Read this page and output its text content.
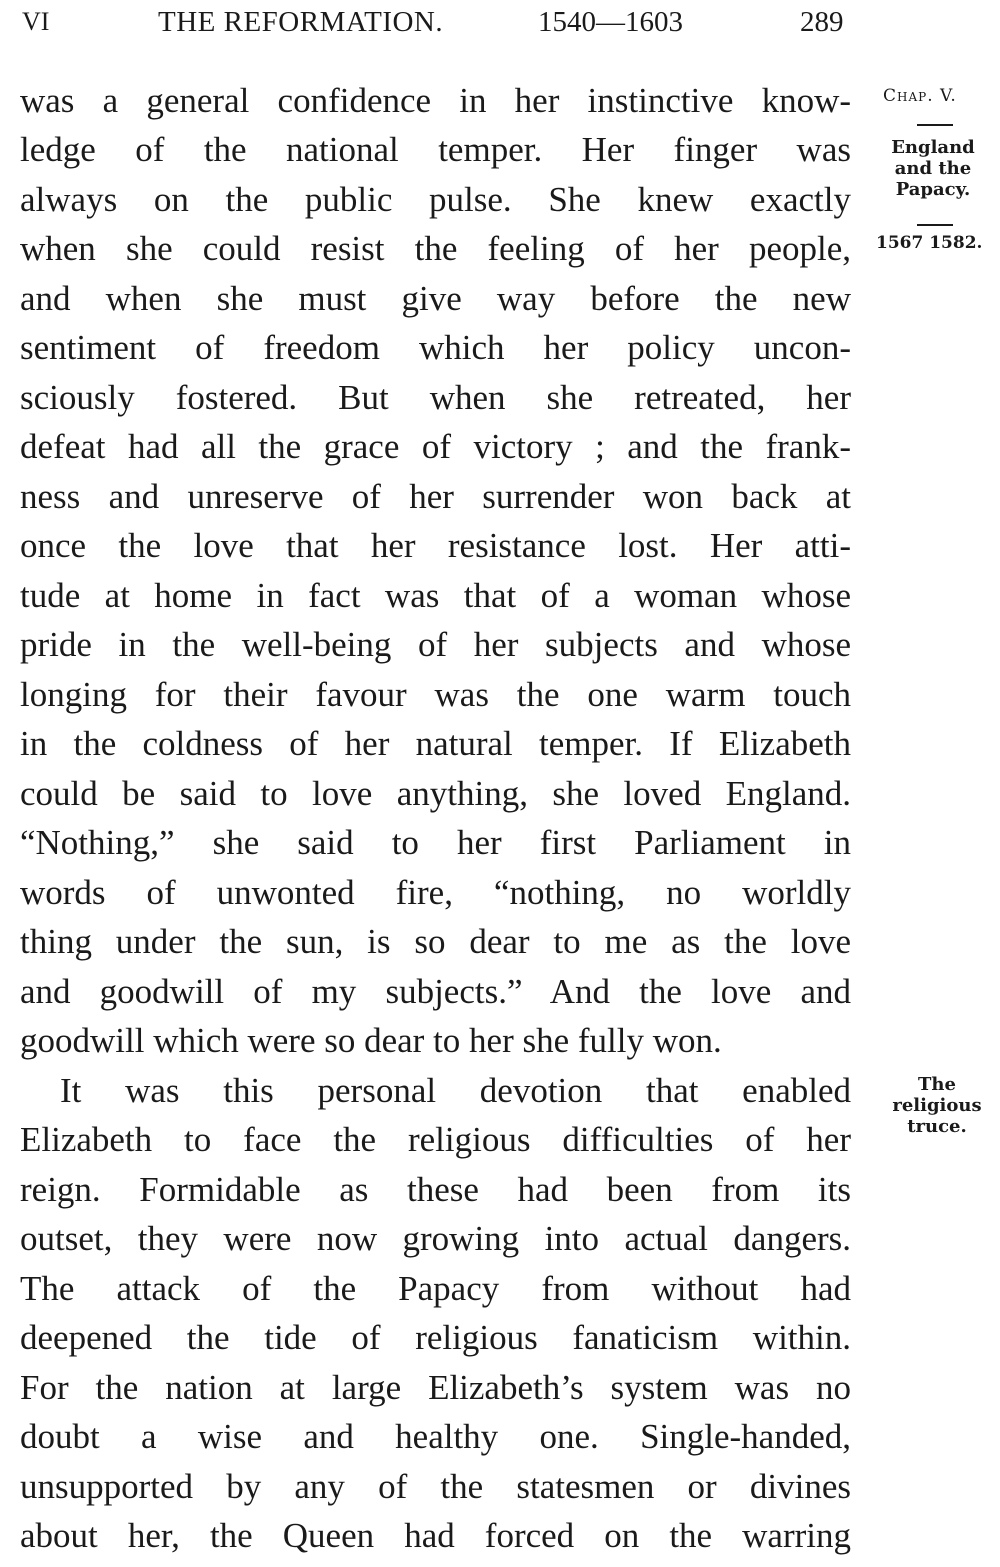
VI	THE REFORMATION.	1540—1603	289
was a general confidence in her instinctive know-
ledge of the national temper. Her finger was
always on the public pulse. She knew exactly
when she could resist the feeling of her people,
and when she must give way before the new
sentiment of freedom which her policy uncon-
sciously fostered. But when she retreated, her
defeat had all the grace of victory ; and the frank-
ness and unreserve of her surrender won back at
once the love that her resistance lost. Her atti-
tude at home in fact was that of a woman whose
pride in the well-being of her subjects and whose
longing for their favour was the one warm touch
in the coldness of her natural temper. If Elizabeth
could be said to love anything, she loved England.
“Nothing,” she said to her first Parliament in
words of unwonted fire, “nothing, no worldly
thing under the sun, is so dear to me as the love
and goodwill of my subjects.” And the love and
goodwill which were so dear to her she fully won.
It was this personal devotion that enabled
Elizabeth to face the religious difficulties of her
reign. Formidable as these had been from its
outset, they were now growing into actual dangers.
The attack of the Papacy from without had
deepened the tide of religious fanaticism within.
For the nation at large Elizabeth’s system was no
doubt a wise and healthy one. Single-handed,
unsupported by any of the statesmen or divines
about her, the Queen had forced on the warring
Chap. V.
England
and the
Papacy.
1567 1582.
The
religious
truce.
